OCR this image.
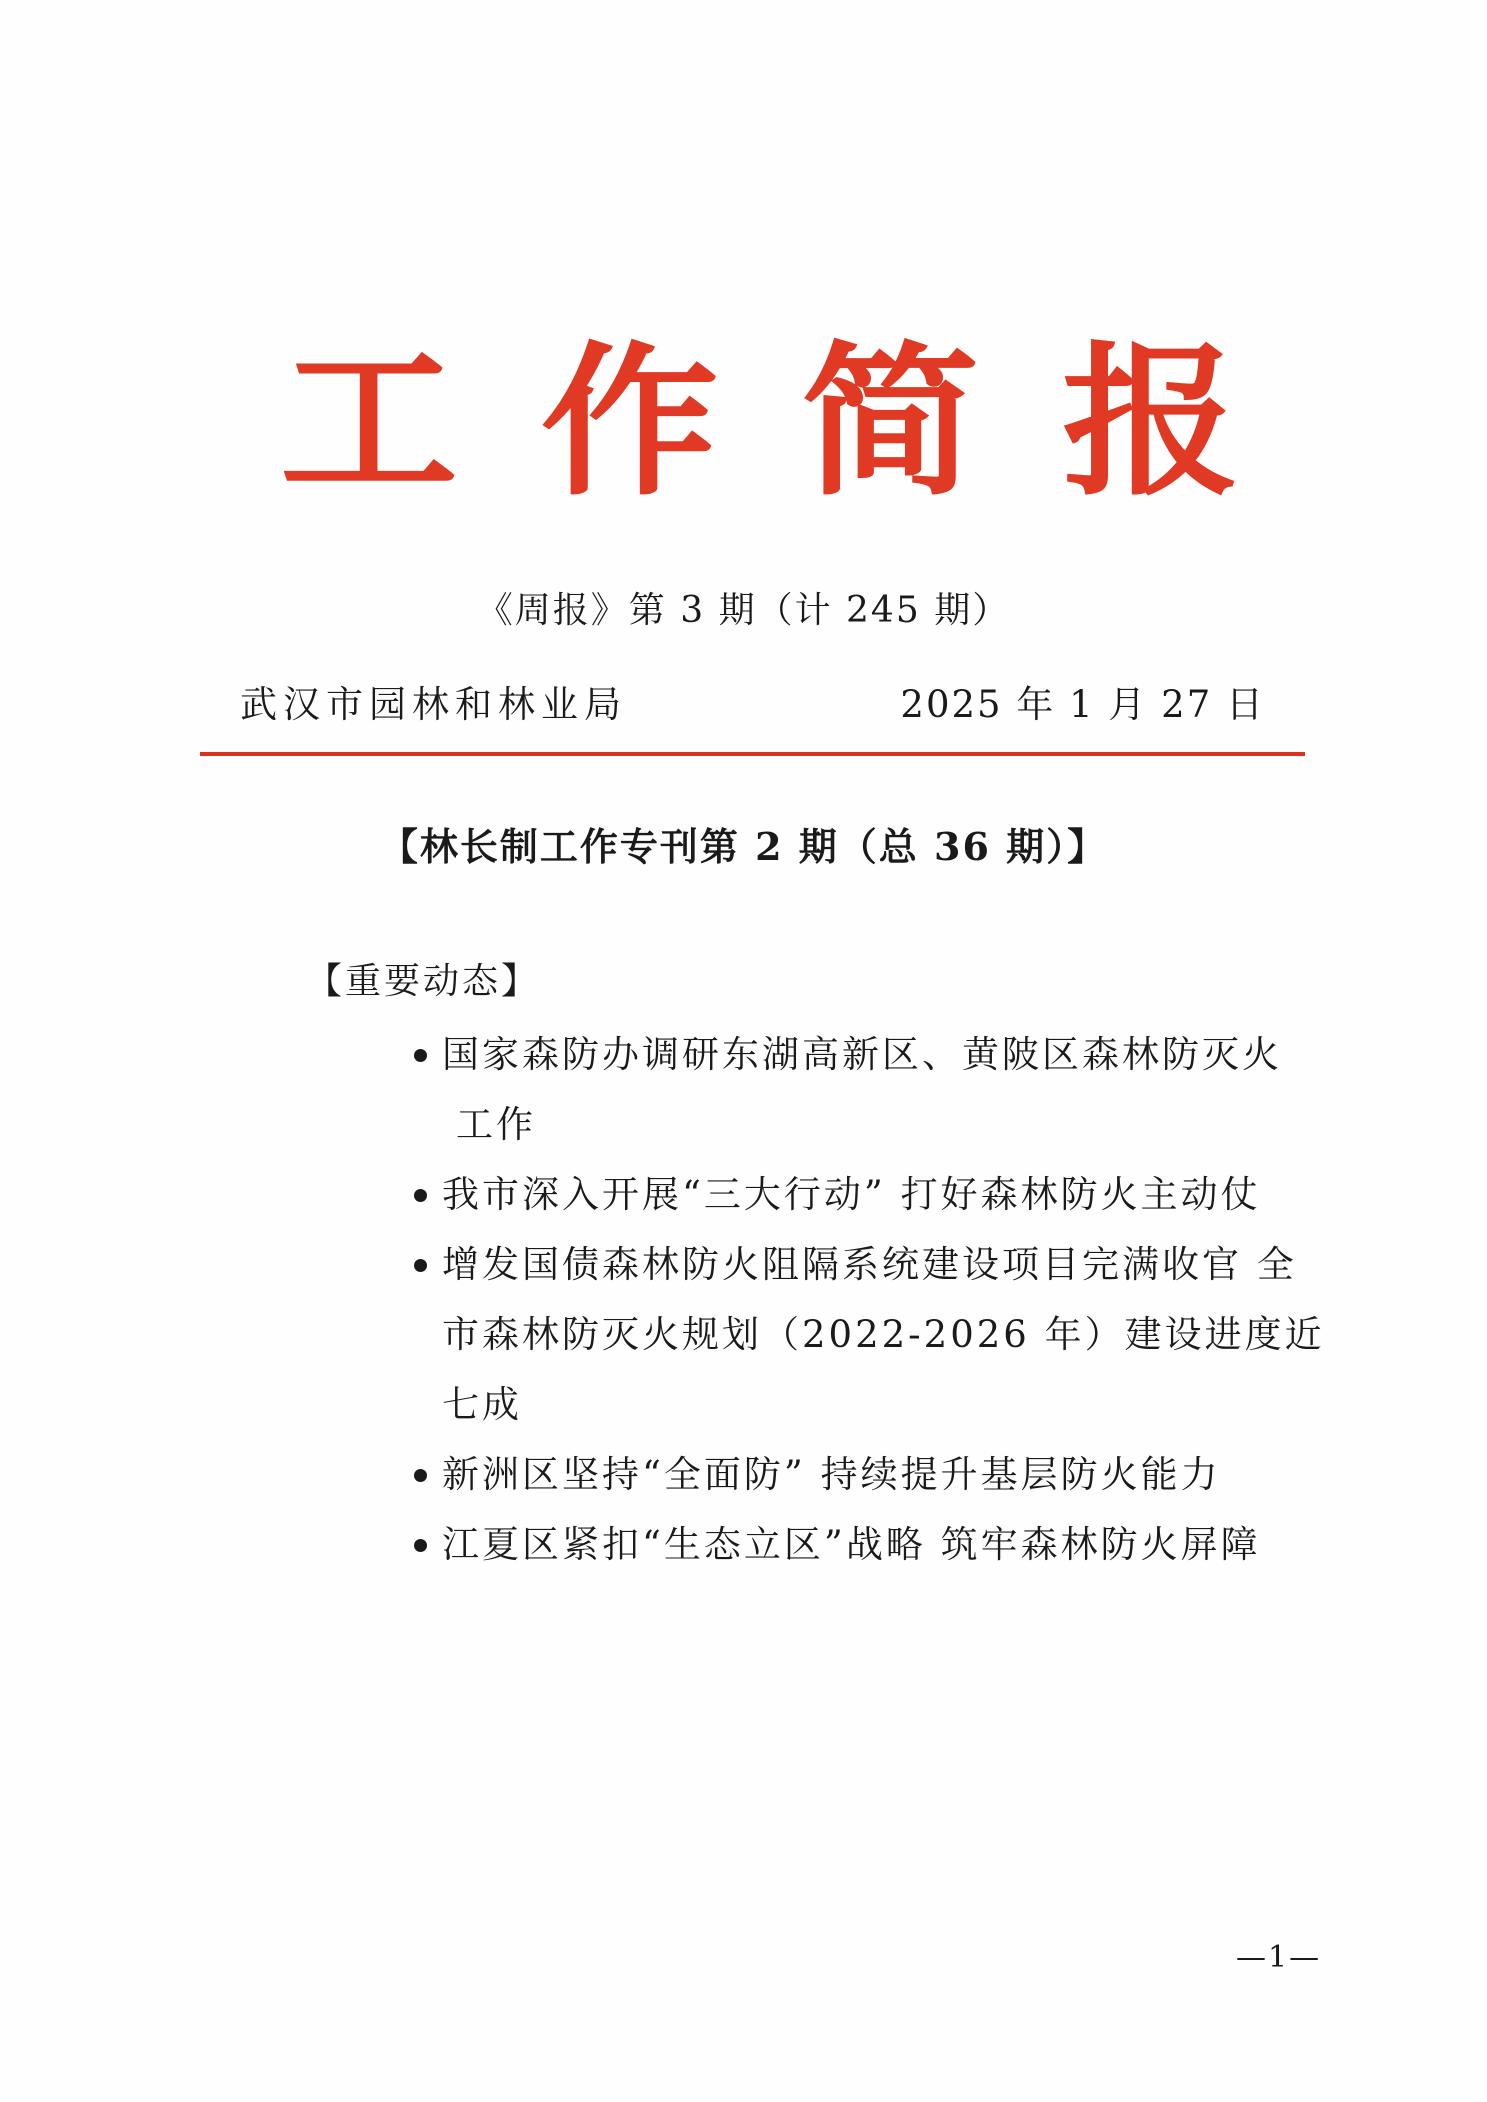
工 作 简 报
《周报》第 3 期（计 245 期）
武汉市园林和林业局	2025 年 1 月 27 日
【林长制工作专刊第 2 期（总 36 期）】
【重要动态】
国家森防办调研东湖高新区、黄陂区森林防灭火
工作
我市深入开展“三大行动” 打好森林防火主动仗
增发国债森林防火阻隔系统建设项目完满收官 全
市森林防灭火规划（2022-2026 年）建设进度近七成
新洲区坚持“全面防” 持续提升基层防火能力
江夏区紧扣“生态立区”战略 筑牢森林防火屏障
—1—
